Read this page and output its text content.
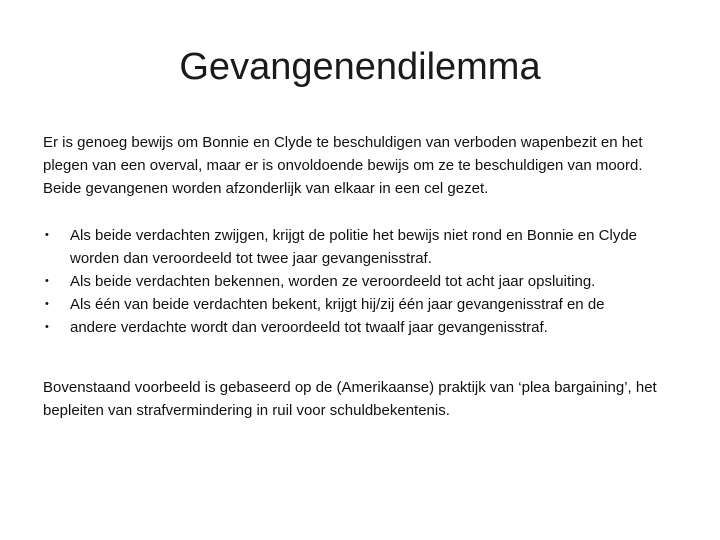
Gevangenendilemma

Er is genoeg bewijs om Bonnie en Clyde te beschuldigen van verboden wapenbezit en het plegen van een overval, maar er is onvoldoende bewijs om ze te beschuldigen van moord. Beide gevangenen worden afzonderlijk van elkaar in een cel gezet.

• Als beide verdachten zwijgen, krijgt de politie het bewijs niet rond en Bonnie en Clyde worden dan veroordeeld tot twee jaar gevangenisstraf.
• Als beide verdachten bekennen, worden ze veroordeeld tot acht jaar opsluiting.
• Als één van beide verdachten bekent, krijgt hij/zij één jaar gevangenisstraf en de
• andere verdachte wordt dan veroordeeld tot twaalf jaar gevangenisstraf.

Bovenstaand voorbeeld is gebaseerd op de (Amerikaanse) praktijk van ‘plea bargaining’, het bepleiten van strafvermindering in ruil voor schuldbekentenis.
